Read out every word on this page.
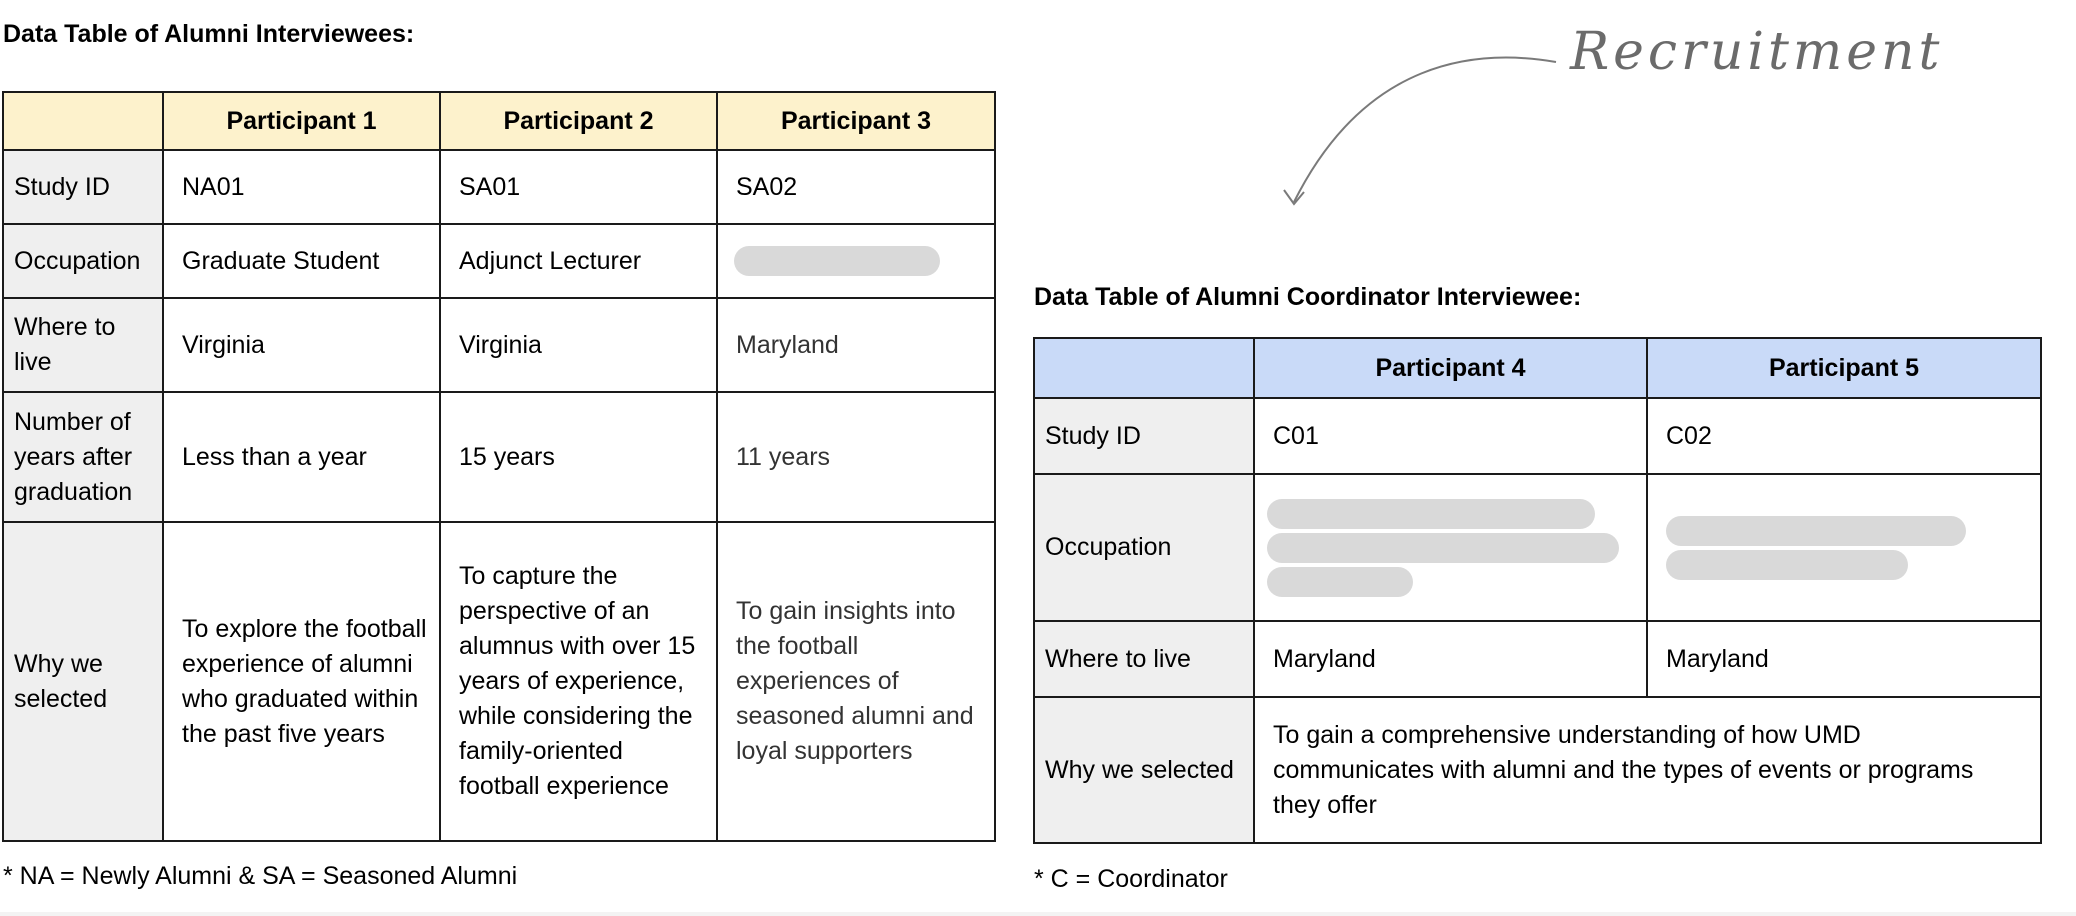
Data Table of Alumni Interviewees:
	Participant 1	Participant 2	Participant 3
Study ID	NA01	SA01	SA02
Occupation	Graduate Student	Adjunct Lecturer	

Where to live	Virginia	Virginia	Maryland
Number of years after graduation	Less than a year	15 years	11 years
Why we selected	To explore the football experience of alumni who graduated within the past five years	To capture the perspective of an alumnus with over 15 years of experience, while considering the family-oriented football experience	To gain insights into the football experiences of seasoned alumni and loyal supporters
* NA = Newly Alumni & SA = Seasoned Alumni
Recruitment
Data Table of Alumni Coordinator Interviewee:
	Participant 4	Participant 5
Study ID	C01	C02
Occupation	

Where to live	Maryland	Maryland
Why we selected	To gain a comprehensive understanding of how UMD communicates with alumni and the types of events or programs they offer	
* C = Coordinator
